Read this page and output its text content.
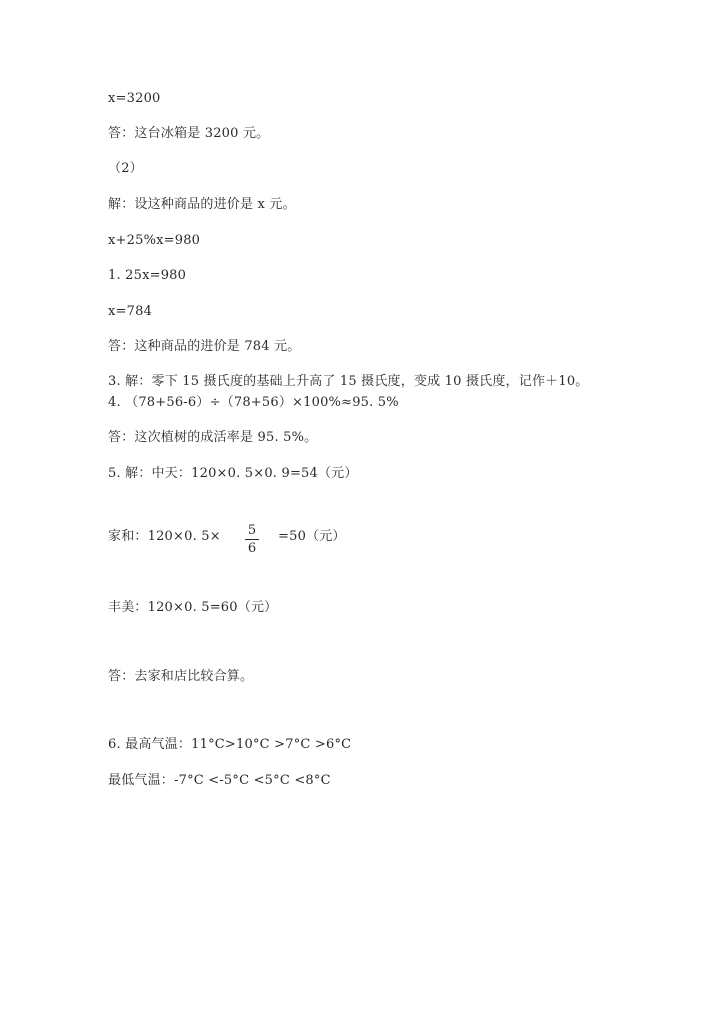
x=3200
答：这台冰箱是 3200 元。
（2）
解：设这种商品的进价是 x 元。
x+25%x=980
1. 25x=980
x=784
答：这种商品的进价是 784 元。
3. 解：零下 15 摄氏度的基础上升高了 15 摄氏度，变成 10 摄氏度，记作＋10。
4. （78+56-6）÷（78+56）×100%≈95. 5%
答：这次植树的成活率是 95. 5%。
5. 解：中天：120×0. 5×0. 9=54（元）
家和：120×0. 5×	5
6
=50（元）
丰美：120×0. 5=60（元）
答：去家和店比较合算。
6. 最高气温：11°C>10°C >7°C >6°C
最低气温：-7°C <-5°C <5°C <8°C
